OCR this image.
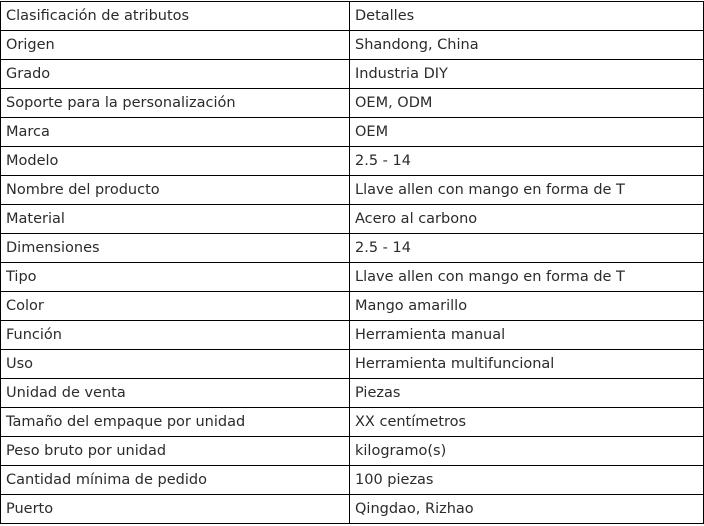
Clasificación de atributos	Detalles
Origen	Shandong, China
Grado	Industria DIY
Soporte para la personalización	OEM, ODM
Marca	OEM
Modelo	2.5 - 14
Nombre del producto	Llave allen con mango en forma de T
Material	Acero al carbono
Dimensiones	2.5 - 14
Tipo	Llave allen con mango en forma de T
Color	Mango amarillo
Función	Herramienta manual
Uso	Herramienta multifuncional
Unidad de venta	Piezas
Tamaño del empaque por unidad	XX centímetros
Peso bruto por unidad	kilogramo(s)
Cantidad mínima de pedido	100 piezas
Puerto	Qingdao, Rizhao
